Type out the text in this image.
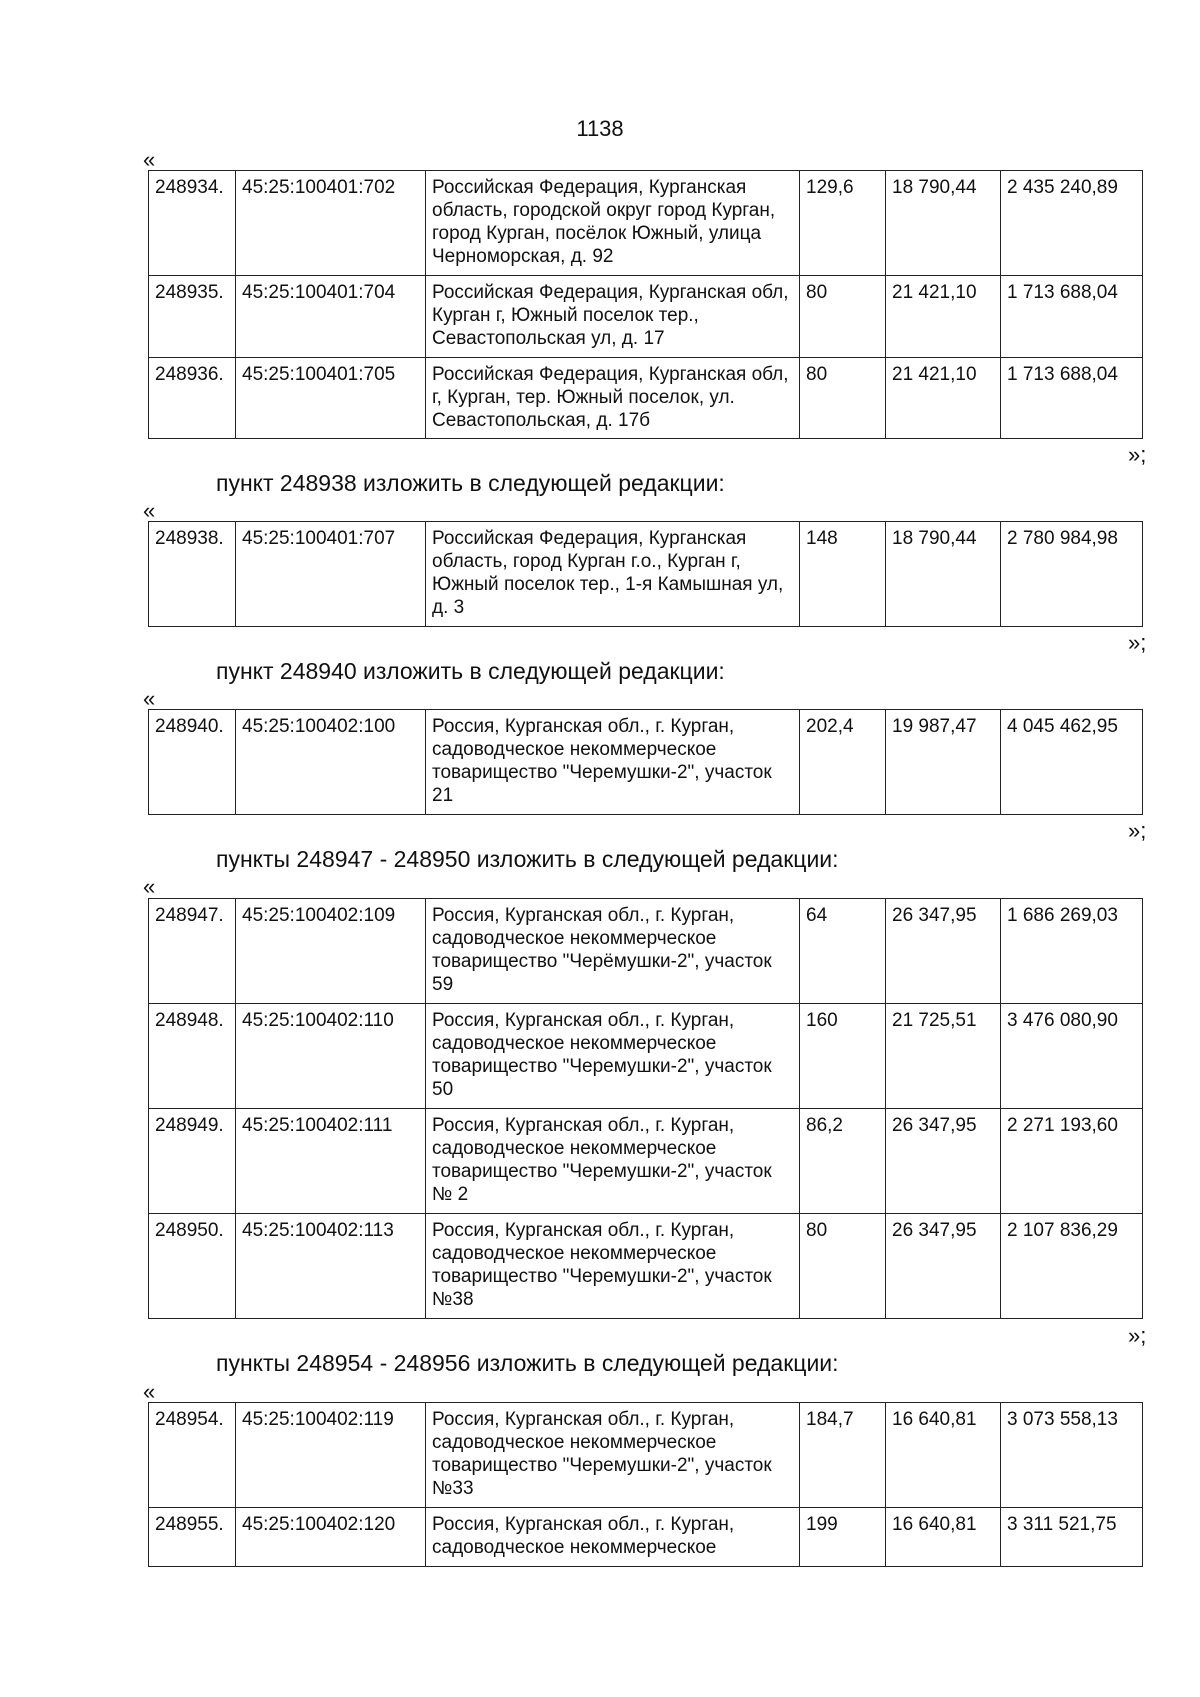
1138
«
248934.	45:25:100401:702	Российская Федерация, Курганская область, городской округ город Курган, город Курган, посёлок Южный, улица Черноморская, д. 92	129,6	18 790,44	2 435 240,89
248935.	45:25:100401:704	Российская Федерация, Курганская обл, Курган г, Южный поселок тер., Севастопольская ул, д. 17	80	21 421,10	1 713 688,04
248936.	45:25:100401:705	Российская Федерация, Курганская обл, г, Курган, тер. Южный поселок, ул. Севастопольская, д. 17б	80	21 421,10	1 713 688,04
»;
пункт 248938 изложить в следующей редакции:
«
248938.	45:25:100401:707	Российская Федерация, Курганская область, город Курган г.о., Курган г, Южный поселок тер., 1-я Камышная ул, д. 3	148	18 790,44	2 780 984,98
»;
пункт 248940 изложить в следующей редакции:
«
248940.	45:25:100402:100	Россия, Курганская обл., г. Курган, садоводческое некоммерческое товарищество "Черемушки-2", участок 21	202,4	19 987,47	4 045 462,95
»;
пункты 248947 - 248950 изложить в следующей редакции:
«
248947.	45:25:100402:109	Россия, Курганская обл., г. Курган, садоводческое некоммерческое товарищество "Черёмушки-2", участок 59	64	26 347,95	1 686 269,03
248948.	45:25:100402:110	Россия, Курганская обл., г. Курган, садоводческое некоммерческое товарищество "Черемушки-2", участок 50	160	21 725,51	3 476 080,90
248949.	45:25:100402:111	Россия, Курганская обл., г. Курган, садоводческое некоммерческое товарищество "Черемушки-2", участок № 2	86,2	26 347,95	2 271 193,60
248950.	45:25:100402:113	Россия, Курганская обл., г. Курган, садоводческое некоммерческое товарищество "Черемушки-2", участок №38	80	26 347,95	2 107 836,29
»;
пункты 248954 - 248956 изложить в следующей редакции:
«
248954.	45:25:100402:119	Россия, Курганская обл., г. Курган, садоводческое некоммерческое товарищество "Черемушки-2", участок №33	184,7	16 640,81	3 073 558,13
248955.	45:25:100402:120	Россия, Курганская обл., г. Курган, садоводческое некоммерческое	199	16 640,81	3 311 521,75
